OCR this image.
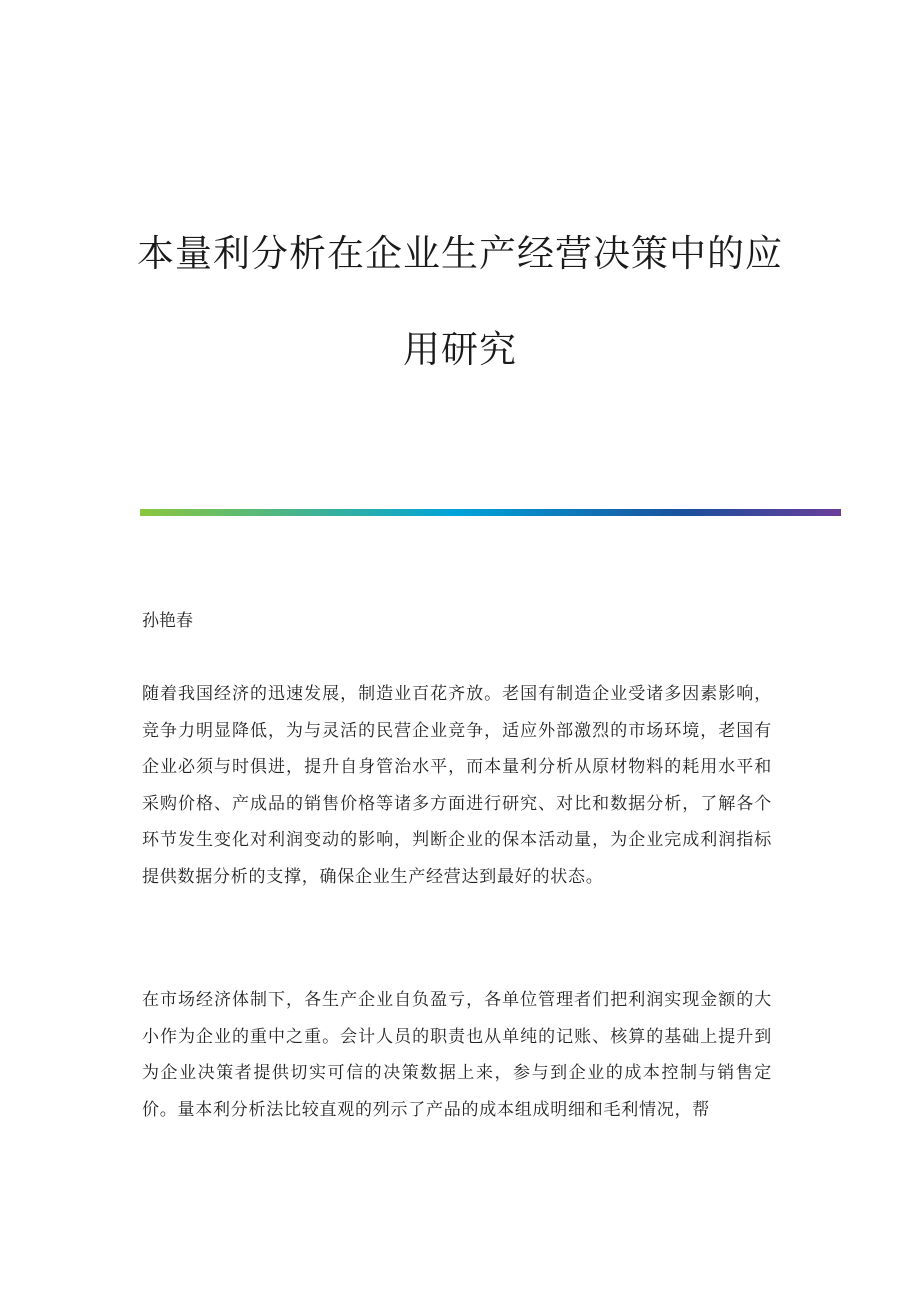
本量利分析在企业生产经营决策中的应
用研究
孙艳春

随着我国经济的迅速发展，制造业百花齐放。老国有制造企业受诸多因素影响，竞争力明显降低，为与灵活的民营企业竞争，适应外部激烈的市场环境，老国有企业必须与时俱进，提升自身管治水平，而本量利分析从原材物料的耗用水平和采购价格、产成品的销售价格等诸多方面进行研究、对比和数据分析，了解各个环节发生变化对利润变动的影响，判断企业的保本活动量，为企业完成利润指标提供数据分析的支撑，确保企业生产经营达到最好的状态。

在市场经济体制下，各生产企业自负盈亏，各单位管理者们把利润实现金额的大小作为企业的重中之重。会计人员的职责也从单纯的记账、核算的基础上提升到为企业决策者提供切实可信的决策数据上来，参与到企业的成本控制与销售定价。量本利分析法比较直观的列示了产品的成本组成明细和毛利情况，帮
